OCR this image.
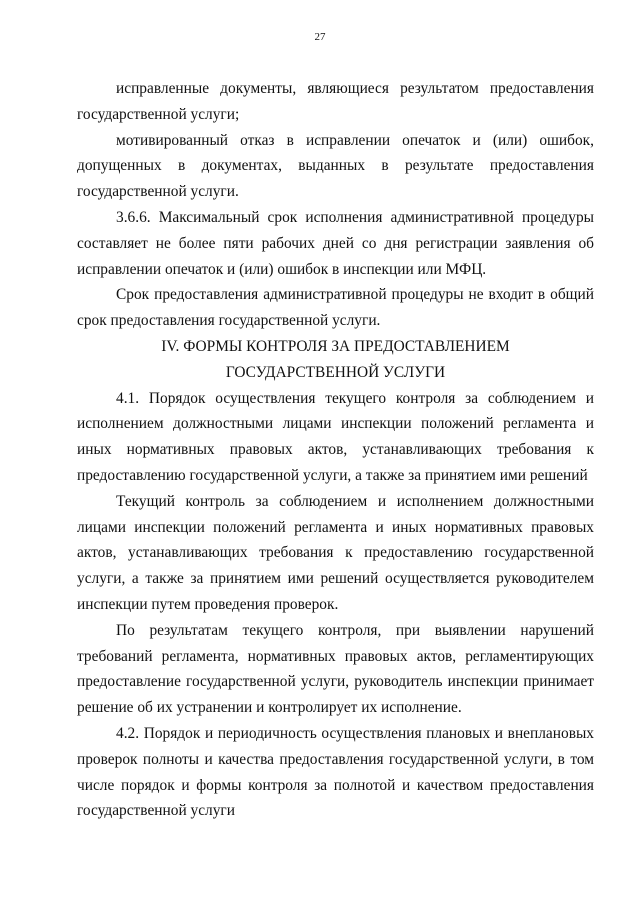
27

исправленные документы, являющиеся результатом предоставления государственной услуги;

мотивированный отказ в исправлении опечаток и (или) ошибок, допущенных в документах, выданных в результате предоставления государственной услуги.

3.6.6. Максимальный срок исполнения административной процедуры составляет не более пяти рабочих дней со дня регистрации заявления об исправлении опечаток и (или) ошибок в инспекции или МФЦ.

Срок предоставления административной процедуры не входит в общий срок предоставления государственной услуги.

IV. ФОРМЫ КОНТРОЛЯ ЗА ПРЕДОСТАВЛЕНИЕМ

ГОСУДАРСТВЕННОЙ УСЛУГИ

4.1. Порядок осуществления текущего контроля за соблюдением и исполнением должностными лицами инспекции положений регламента и иных нормативных правовых актов, устанавливающих требования к предоставлению государственной услуги, а также за принятием ими решений

Текущий контроль за соблюдением и исполнением должностными лицами инспекции положений регламента и иных нормативных правовых актов, устанавливающих требования к предоставлению государственной услуги, а также за принятием ими решений осуществляется руководителем инспекции путем проведения проверок.

По результатам текущего контроля, при выявлении нарушений требований регламента, нормативных правовых актов, регламентирующих предоставление государственной услуги, руководитель инспекции принимает решение об их устранении и контролирует их исполнение.

4.2. Порядок и периодичность осуществления плановых и внеплановых проверок полноты и качества предоставления государственной услуги, в том числе порядок и формы контроля за полнотой и качеством предоставления государственной услуги
